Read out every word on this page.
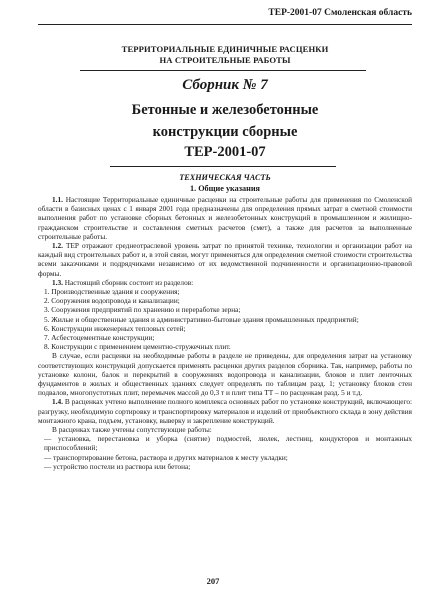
ТЕР-2001-07 Смоленская область
ТЕРРИТОРИАЛЬНЫЕ ЕДИНИЧНЫЕ РАСЦЕНКИ
НА СТРОИТЕЛЬНЫЕ РАБОТЫ
Сборник № 7
Бетонные и железобетонные
конструкции сборные
ТЕР-2001-07
ТЕХНИЧЕСКАЯ ЧАСТЬ
1. Общие указания

1.1. Настоящие Территориальные единичные расценки на строительные работы для применения по Смоленской области в базисных ценах с 1 января 2001 года предназначены для определения прямых затрат в сметной стоимости выполнения работ по установке сборных бетонных и железобетонных конструкций в промышленном и жилищно-гражданском строительстве и составления сметных расчетов (смет), а также для расчетов за выполненные строительные работы.

1.2. ТЕР отражают среднеотраслевой уровень затрат по принятой технике, технологии и организации работ на каждый вид строительных работ и, в этой связи, могут применяться для определения сметной стоимости строительства всеми заказчиками и подрядчиками независимо от их ведомственной подчиненности и организационно-правовой формы.

1.3. Настоящий сборник состоит из разделов:

1. Производственные здания и сооружения;

2. Сооружения водопровода и канализации;

3. Сооружения предприятий по хранению и переработке зерна;

5. Жилые и общественные здания и административно-бытовые здания промышленных предприятий;

6. Конструкции инженерных тепловых сетей;

7. Асбестоцементные конструкции;

8. Конструкции с применением цементно-стружечных плит.

В случае, если расценки на необходимые работы в разделе не приведены, для определения затрат на установку соответствующих конструкций допускается применять расценки других разделов сборника. Так, например, работы по установке колонн, балок и перекрытий в сооружениях водопровода и канализации, блоков и плит ленточных фундаментов в жилых и общественных зданиях следует определять по таблицам разд. 1; установку блоков стен подвалов, многопустотных плит, перемычек массой до 0,3 т и плит типа ТТ – по расценкам разд. 5 и т.д.

1.4. В расценках учтено выполнение полного комплекса основных работ по установке конструкций, включающего: разгрузку, необходимую сортировку и транспортировку материалов и изделий от приобъектного склада в зону действия монтажного крана, подъем, установку, выверку и закрепление конструкций.

В расценках также учтены сопутствующие работы:

— установка, перестановка и уборка (снятие) подмостей, люлек, лестниц, кондукторов и монтажных приспособлений;

— транспортирование бетона, раствора и других материалов к месту укладки;

— устройство постели из раствора или бетона;

207
